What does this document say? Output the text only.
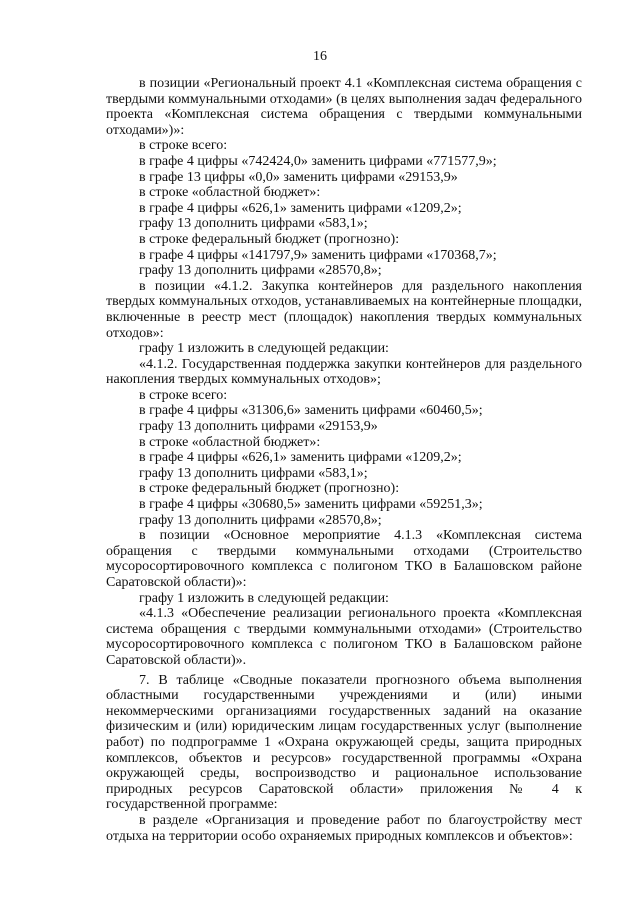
16

в позиции «Региональный проект 4.1 «Комплексная система обращения с твердыми коммунальными отходами» (в целях выполнения задач федерального проекта «Комплексная система обращения с твердыми коммунальными отходами»)»:

в строке всего:

в графе 4 цифры «742424,0» заменить цифрами «771577,9»;

в графе 13 цифры «0,0» заменить цифрами «29153,9»

в строке «областной бюджет»:

в графе 4 цифры «626,1» заменить цифрами «1209,2»;

графу 13 дополнить цифрами «583,1»;

в строке федеральный бюджет (прогнозно):

в графе 4 цифры «141797,9» заменить цифрами «170368,7»;

графу 13 дополнить цифрами «28570,8»;

в позиции «4.1.2. Закупка контейнеров для раздельного накопления твердых коммунальных отходов, устанавливаемых на контейнерные площадки, включенные в реестр мест (площадок) накопления твердых коммунальных отходов»:

графу 1 изложить в следующей редакции:

«4.1.2. Государственная поддержка закупки контейнеров для раздельного накопления твердых коммунальных отходов»;

в строке всего:

в графе 4 цифры «31306,6» заменить цифрами «60460,5»;

графу 13 дополнить цифрами «29153,9»

в строке «областной бюджет»:

в графе 4 цифры «626,1» заменить цифрами «1209,2»;

графу 13 дополнить цифрами «583,1»;

в строке федеральный бюджет (прогнозно):

в графе 4 цифры «30680,5» заменить цифрами «59251,3»;

графу 13 дополнить цифрами «28570,8»;

в позиции «Основное мероприятие 4.1.3 «Комплексная система обращения с твердыми коммунальными отходами (Строительство мусоросортировочного комплекса с полигоном ТКО в Балашовском районе Саратовской области)»:

графу 1 изложить в следующей редакции:

«4.1.3 «Обеспечение реализации регионального проекта «Комплексная система обращения с твердыми коммунальными отходами» (Строительство мусоросортировочного комплекса с полигоном ТКО в Балашовском районе Саратовской области)».

7. В таблице «Сводные показатели прогнозного объема выполнения областными государственными учреждениями и (или) иными некоммерческими организациями государственных заданий на оказание физическим и (или) юридическим лицам государственных услуг (выполнение работ) по подпрограмме 1 «Охрана окружающей среды, защита природных комплексов, объектов и ресурсов» государственной программы «Охрана окружающей среды, воспроизводство и рациональное использование природных ресурсов Саратовской области» приложения № 4 к государственной программе:

в разделе «Организация и проведение работ по благоустройству мест отдыха на территории особо охраняемых природных комплексов и объектов»:
